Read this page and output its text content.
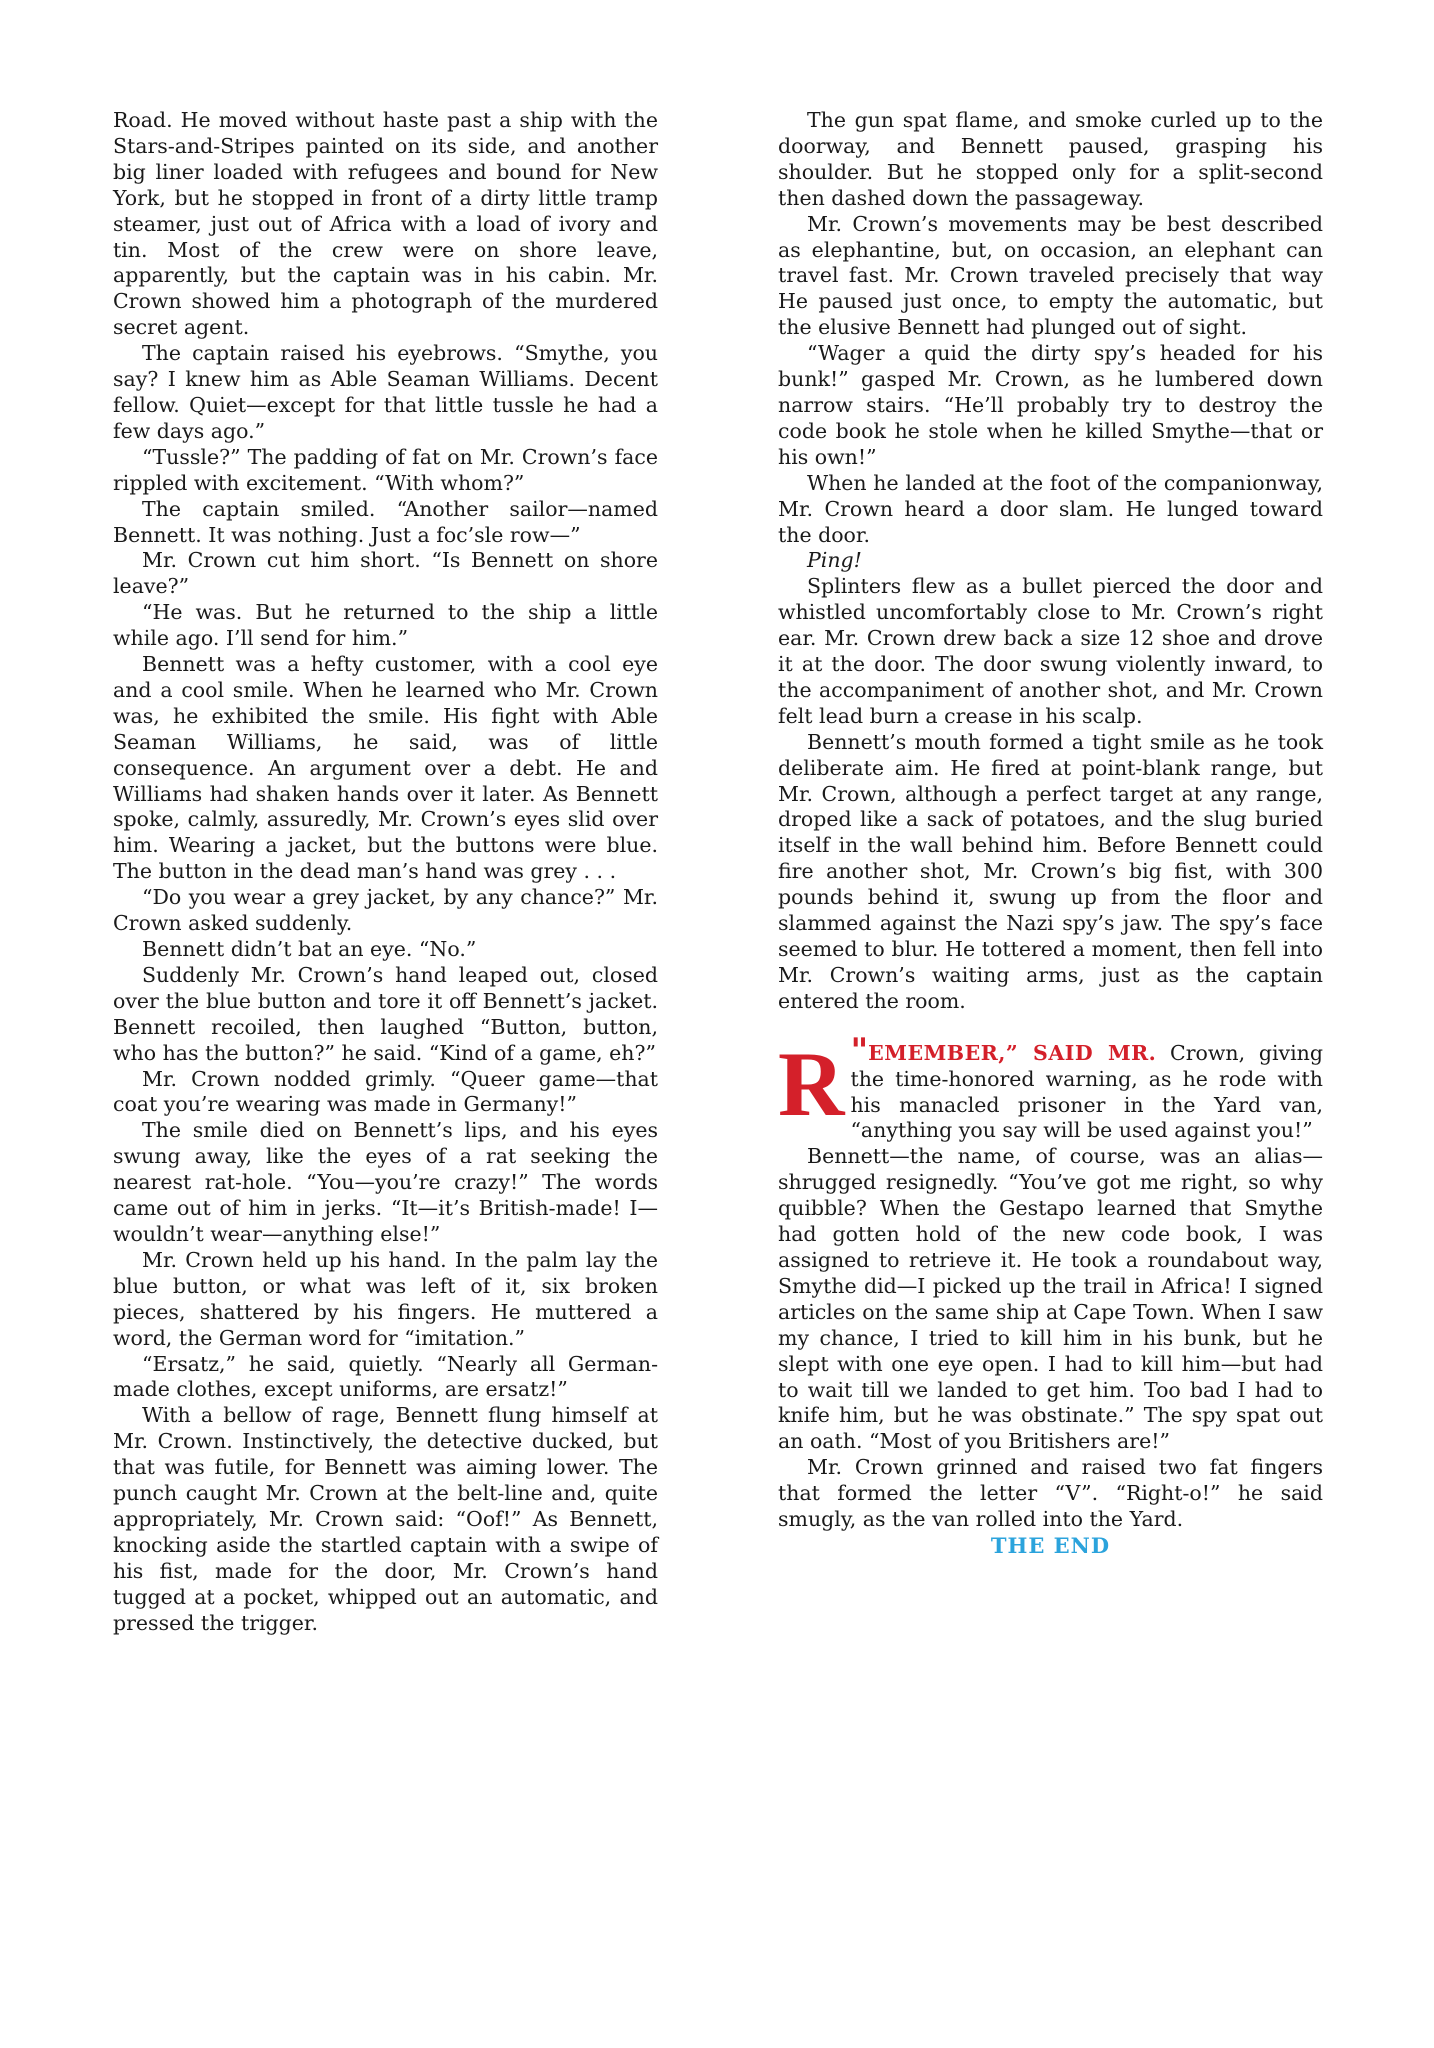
Road. He moved without haste past a ship with the Stars-and-Stripes painted on its side, and another big liner loaded with refugees and bound for New York, but he stopped in front of a dirty little tramp steamer, just out of Africa with a load of ivory and tin. Most of the crew were on shore leave, apparently, but the captain was in his cabin. Mr. Crown showed him a photograph of the murdered secret agent.

The captain raised his eyebrows. “Smythe, you say? I knew him as Able Seaman Williams. Decent fellow. Quiet—except for that little tussle he had a few days ago.”

“Tussle?” The padding of fat on Mr. Crown’s face rippled with excitement. “With whom?”

The captain smiled. “Another sailor—named Bennett. It was nothing. Just a foc’sle row—”

Mr. Crown cut him short. “Is Bennett on shore leave?”

“He was. But he returned to the ship a little while ago. I’ll send for him.”

Bennett was a hefty customer, with a cool eye and a cool smile. When he learned who Mr. Crown was, he exhibited the smile. His fight with Able Seaman Williams, he said, was of little consequence. An argument over a debt. He and Williams had shaken hands over it later. As Bennett spoke, calmly, assuredly, Mr. Crown’s eyes slid over him. Wearing a jacket, but the buttons were blue. The button in the dead man’s hand was grey . . .

“Do you wear a grey jacket, by any chance?” Mr. Crown asked suddenly.

Bennett didn’t bat an eye. “No.”

Suddenly Mr. Crown’s hand leaped out, closed over the blue button and tore it off Bennett’s jacket. Bennett recoiled, then laughed “Button, button, who has the button?” he said. “Kind of a game, eh?”

Mr. Crown nodded grimly. “Queer game—that coat you’re wearing was made in Germany!”

The smile died on Bennett’s lips, and his eyes swung away, like the eyes of a rat seeking the nearest rat-hole. “You—you’re crazy!” The words came out of him in jerks. “It—it’s British-made! I—wouldn’t wear—anything else!”

Mr. Crown held up his hand. In the palm lay the blue button, or what was left of it, six broken pieces, shattered by his fingers. He muttered a word, the German word for “imitation.”

“Ersatz,” he said, quietly. “Nearly all German-made clothes, except uniforms, are ersatz!”

With a bellow of rage, Bennett flung himself at Mr. Crown. Instinctively, the detective ducked, but that was futile, for Bennett was aiming lower. The punch caught Mr. Crown at the belt-line and, quite appropriately, Mr. Crown said: “Oof!” As Bennett, knocking aside the startled captain with a swipe of his fist, made for the door, Mr. Crown’s hand tugged at a pocket, whipped out an automatic, and pressed the trigger.

The gun spat flame, and smoke curled up to the doorway, and Bennett paused, grasping his shoulder. But he stopped only for a split-second then dashed down the passageway.

Mr. Crown’s movements may be best described as elephantine, but, on occasion, an elephant can travel fast. Mr. Crown traveled precisely that way He paused just once, to empty the automatic, but the elusive Bennett had plunged out of sight.

“Wager a quid the dirty spy’s headed for his bunk!” gasped Mr. Crown, as he lumbered down narrow stairs. “He’ll probably try to destroy the code book he stole when he killed Smythe—that or his own!”

When he landed at the foot of the companionway, Mr. Crown heard a door slam. He lunged toward the door.

Ping!

Splinters flew as a bullet pierced the door and whistled uncomfortably close to Mr. Crown’s right ear. Mr. Crown drew back a size 12 shoe and drove it at the door. The door swung violently inward, to the accompaniment of another shot, and Mr. Crown felt lead burn a crease in his scalp.

Bennett’s mouth formed a tight smile as he took deliberate aim. He fired at point-blank range, but Mr. Crown, although a perfect target at any range, droped like a sack of potatoes, and the slug buried itself in the wall behind him. Before Bennett could fire another shot, Mr. Crown’s big fist, with 300 pounds behind it, swung up from the floor and slammed against the Nazi spy’s jaw. The spy’s face seemed to blur. He tottered a moment, then fell into Mr. Crown’s waiting arms, just as the captain entered the room.

"
R EMEMBER,” SAID MR. Crown, giving the time-honored warning, as he rode with his manacled prisoner in the Yard van, “anything you say will be used against you!”

Bennett—the name, of course, was an alias—shrugged resignedly. “You’ve got me right, so why quibble? When the Gestapo learned that Smythe had gotten hold of the new code book, I was assigned to retrieve it. He took a roundabout way, Smythe did—I picked up the trail in Africa! I signed articles on the same ship at Cape Town. When I saw my chance, I tried to kill him in his bunk, but he slept with one eye open. I had to kill him—but had to wait till we landed to get him. Too bad I had to knife him, but he was obstinate.” The spy spat out an oath. “Most of you Britishers are!”

Mr. Crown grinned and raised two fat fingers that formed the letter “V”. “Right-o!” he said smugly, as the van rolled into the Yard.

THE END
